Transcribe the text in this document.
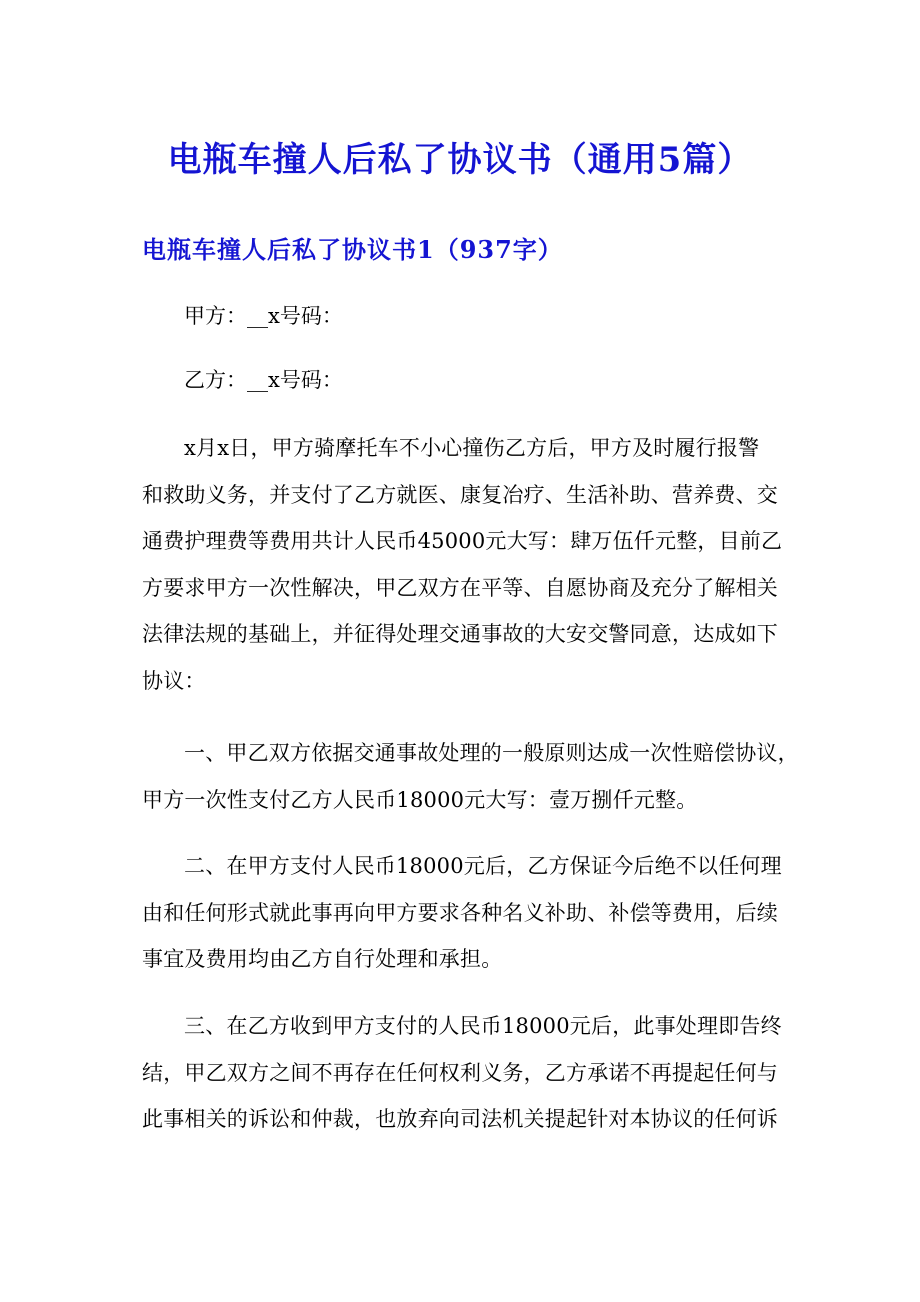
电瓶车撞人后私了协议书（通用5篇）
电瓶车撞人后私了协议书1（937字）

甲方：__x号码：

乙方：__x号码：

x月x日，甲方骑摩托车不小心撞伤乙方后，甲方及时履行报警
和救助义务，并支付了乙方就医、康复冶疗、生活补助、营养费、交
通费护理费等费用共计人民币45000元大写：肆万伍仟元整，目前乙
方要求甲方一次性解决，甲乙双方在平等、自愿协商及充分了解相关
法律法规的基础上，并征得处理交通事故的大安交警同意，达成如下
协议：

一、甲乙双方依据交通事故处理的一般原则达成一次性赔偿协议，
甲方一次性支付乙方人民币18000元大写：壹万捌仟元整。

二、在甲方支付人民币18000元后，乙方保证今后绝不以任何理
由和任何形式就此事再向甲方要求各种名义补助、补偿等费用，后续
事宜及费用均由乙方自行处理和承担。

三、在乙方收到甲方支付的人民币18000元后，此事处理即告终
结，甲乙双方之间不再存在任何权利义务，乙方承诺不再提起任何与
此事相关的诉讼和仲裁，也放弃向司法机关提起针对本协议的任何诉
